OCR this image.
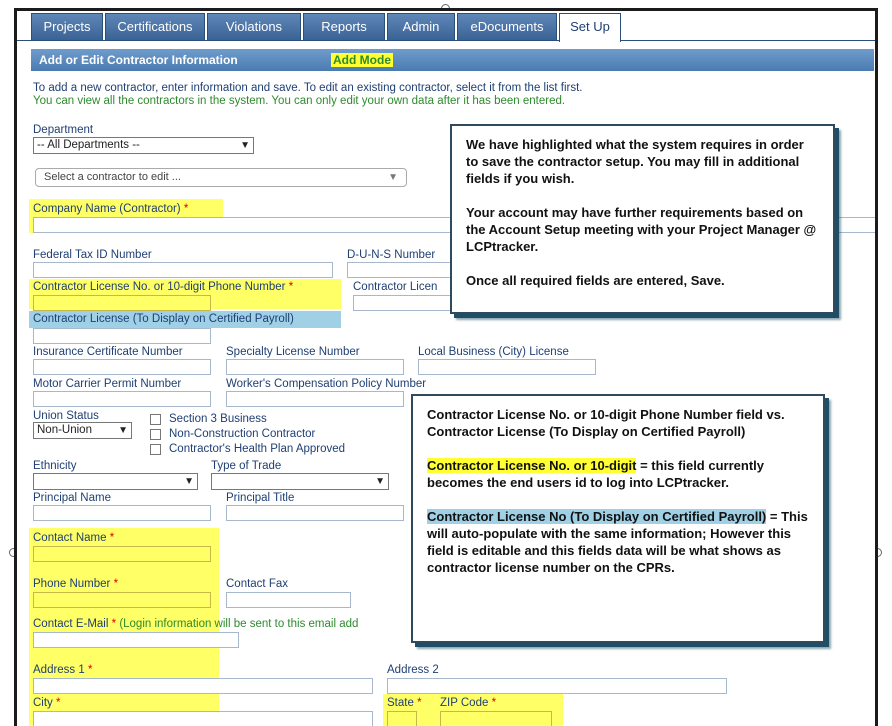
Projects	Certifications	Violations	Reports	Admin	eDocuments	Set Up
Add or Edit Contractor Information	Add Mode
To add a new contractor, enter information and save. To edit an existing contractor, select it from the list first.
You can view all the contractors in the system. You can only edit your own data after it has been entered.
Department
-- All Departments --	▼
Select a contractor to edit ...	▼
Company Name (Contractor) *
Federal Tax ID Number	D-U-N-S Number
Contractor License No. or 10-digit Phone Number *	Contractor Licen
Contractor License (To Display on Certified Payroll)
Insurance Certificate Number	Specialty License Number	Local Business (City) License
Motor Carrier Permit Number	Worker's Compensation Policy Number
Union Status
Non-Union	▼
Section 3 Business
Non-Construction Contractor
Contractor's Health Plan Approved
Ethnicity
▼
Type of Trade
▼
Principal Name	Principal Title
Contact Name *
Phone Number *	Contact Fax
Contact E-Mail * (Login information will be sent to this email add
Address 1 *	Address 2
City *	State * ZIP Code *

We have highlighted what the system requires in order to save the contractor setup. You may fill in additional fields if you wish.

Your account may have further requirements based on the Account Setup meeting with your Project Manager @ LCPtracker.

Once all required fields are entered, Save.

Contractor License No. or 10-digit Phone Number field vs.

Contractor License (To Display on Certified Payroll)

Contractor License No. or 10-digit = this field currently becomes the end users id to log into LCPtracker.

Contractor License No (To Display on Certified Payroll) = This will auto-populate with the same information; However this field is editable and this fields data will be what shows as contractor license number on the CPRs.
